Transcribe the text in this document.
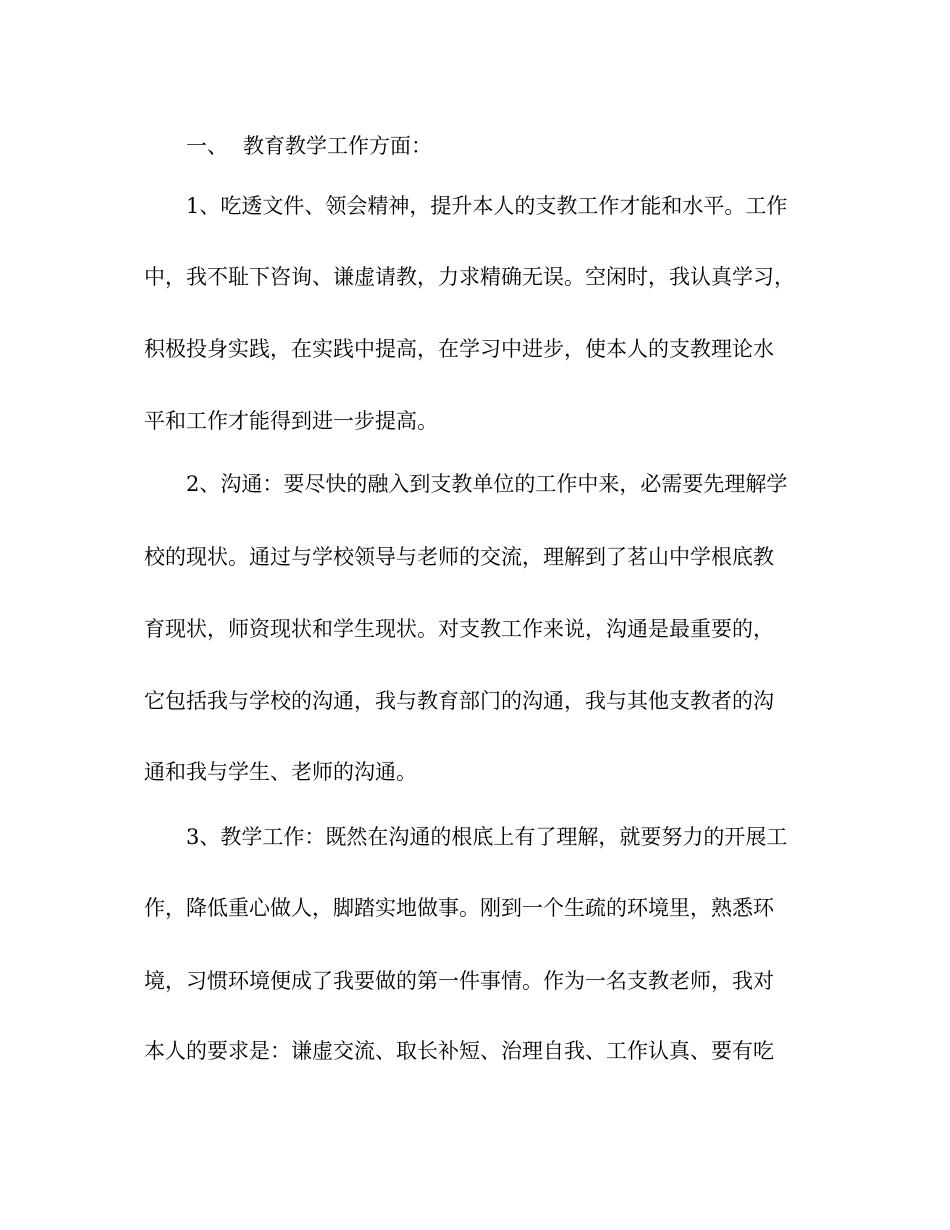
一、 教育教学工作方面：
1、吃透文件、领会精神，提升本人的支教工作才能和水平。工作
中，我不耻下咨询、谦虚请教，力求精确无误。空闲时，我认真学习，
积极投身实践，在实践中提高，在学习中进步，使本人的支教理论水
平和工作才能得到进一步提高。
2、沟通：要尽快的融入到支教单位的工作中来，必需要先理解学
校的现状。通过与学校领导与老师的交流，理解到了茗山中学根底教
育现状，师资现状和学生现状。对支教工作来说，沟通是最重要的，
它包括我与学校的沟通，我与教育部门的沟通，我与其他支教者的沟
通和我与学生、老师的沟通。
3、教学工作：既然在沟通的根底上有了理解，就要努力的开展工
作，降低重心做人，脚踏实地做事。刚到一个生疏的环境里，熟悉环
境，习惯环境便成了我要做的第一件事情。作为一名支教老师，我对
本人的要求是：谦虚交流、取长补短、治理自我、工作认真、要有吃
